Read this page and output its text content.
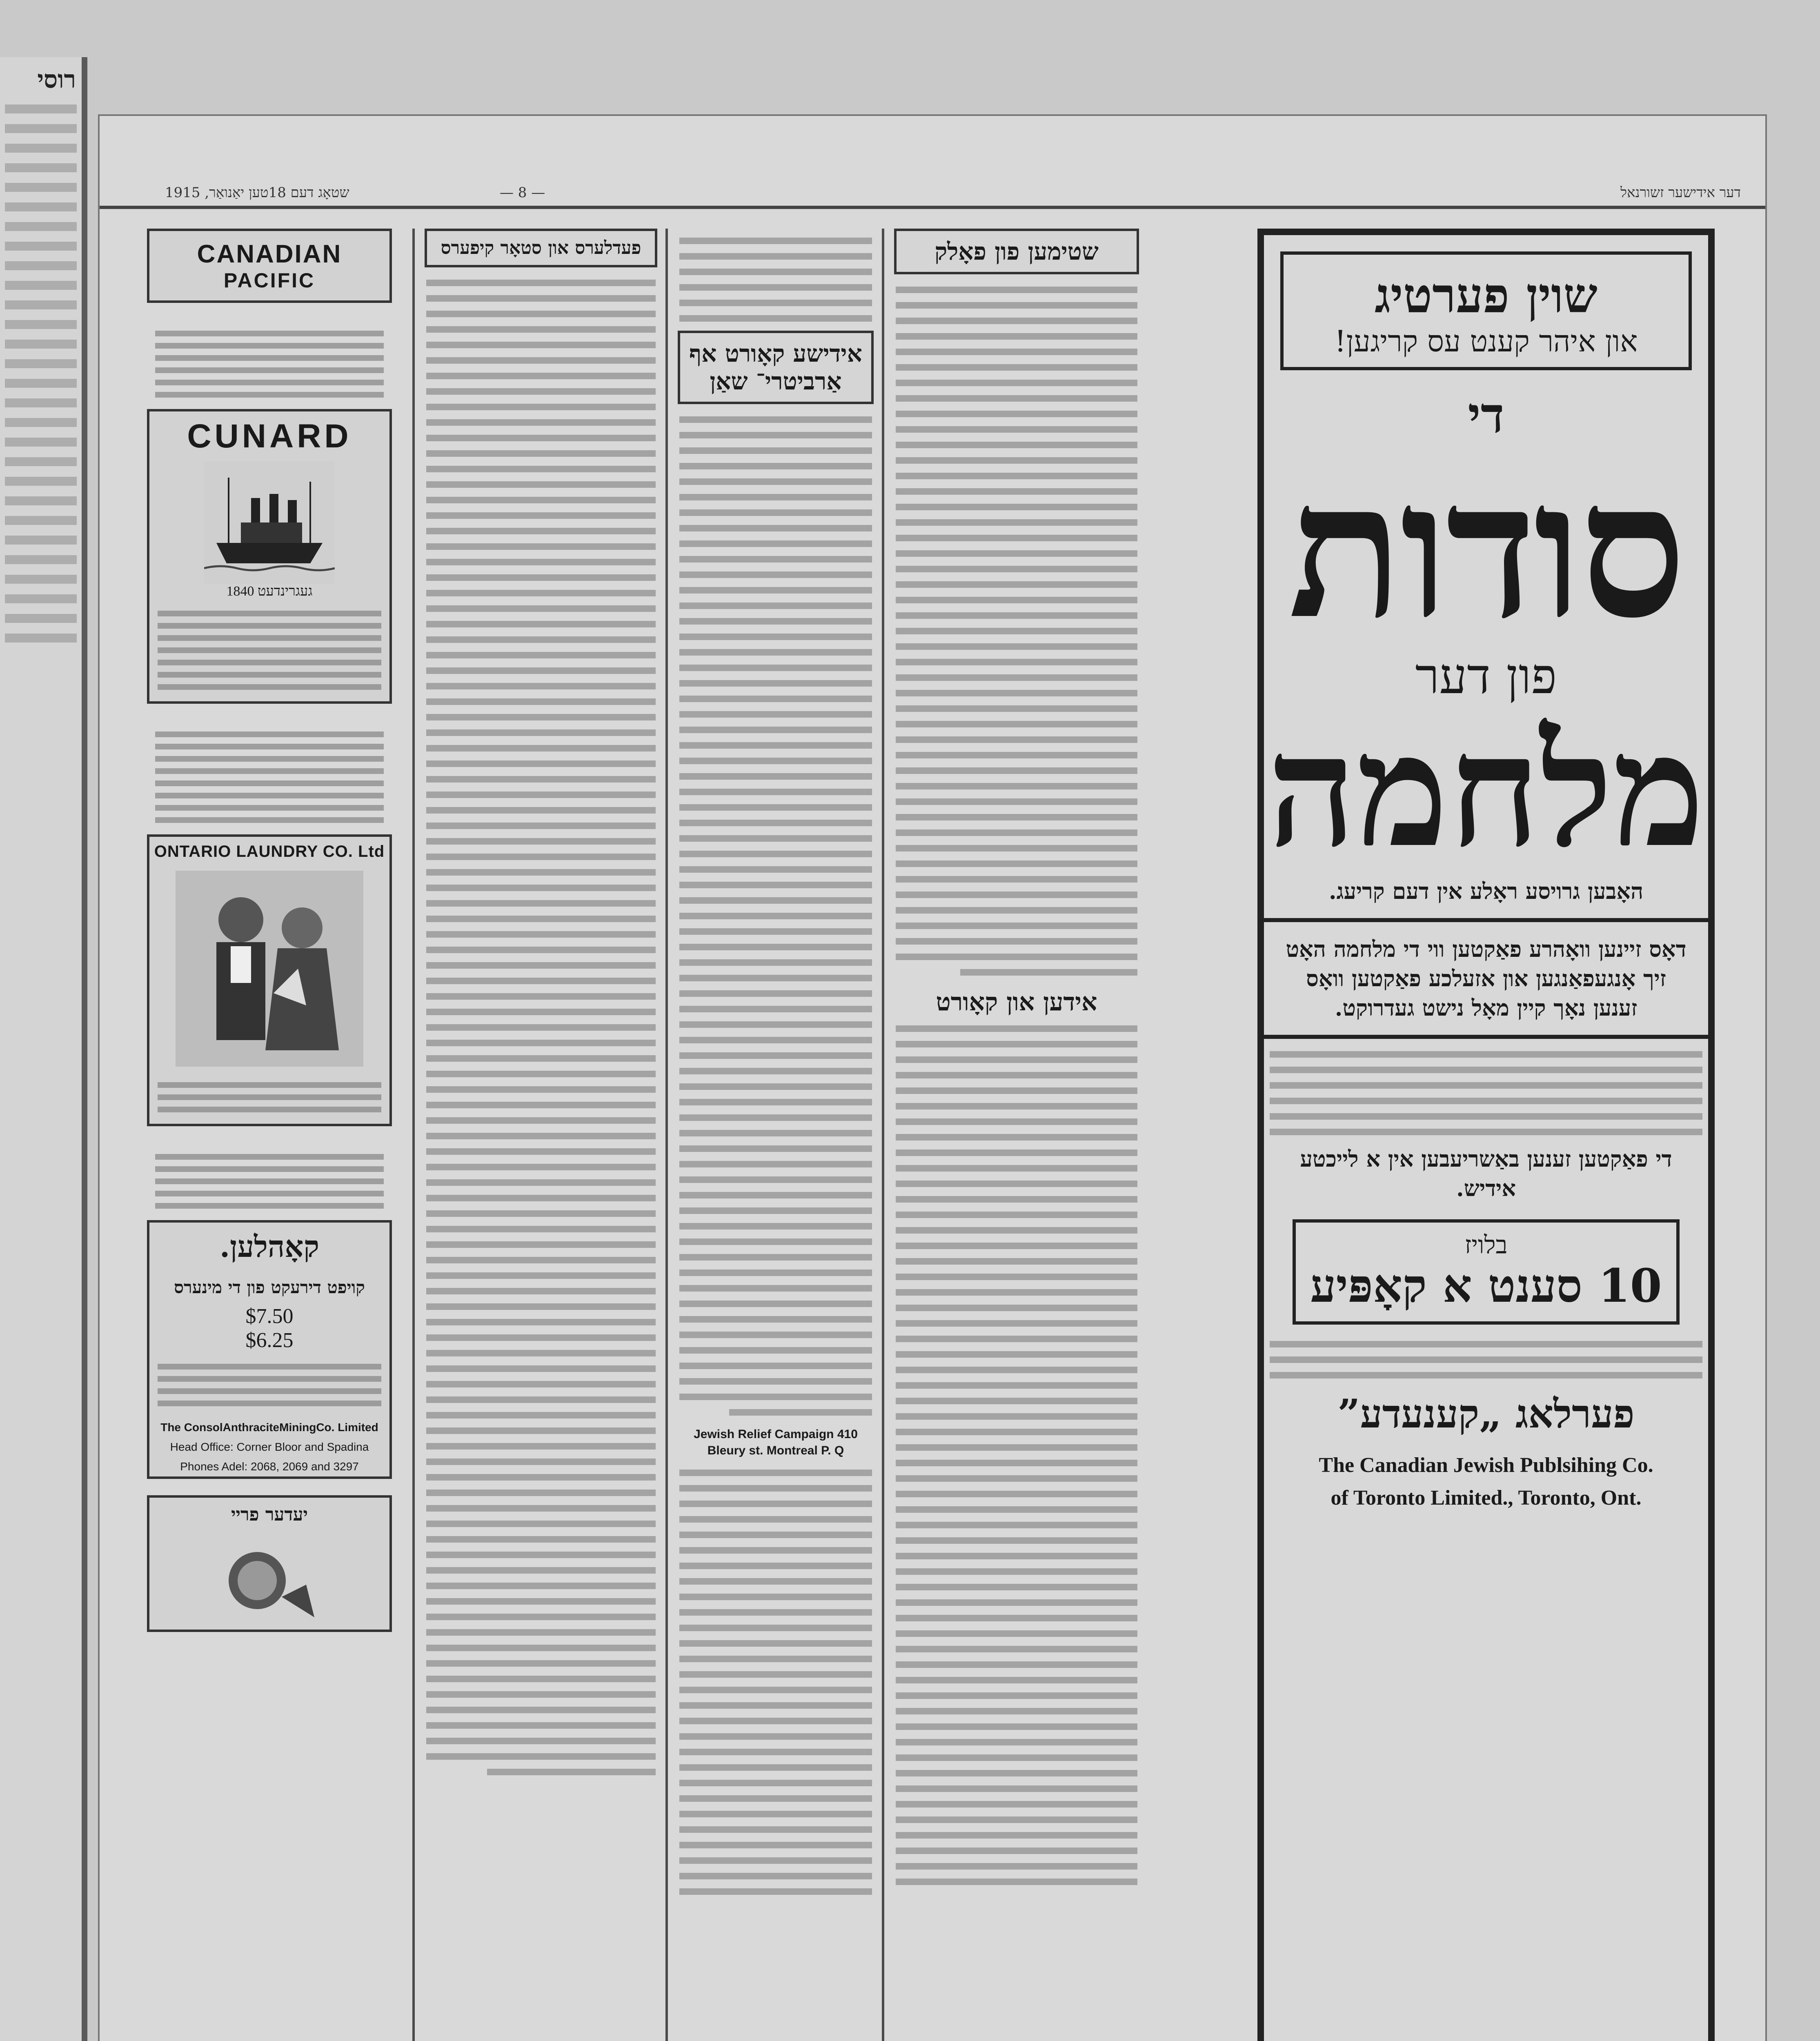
רוסי
1915 ,שטאָג דעם 18טען יאַנואַר	— 8 —	דער אידישער זשורנאל
CANADIAN
PACIFIC
CUNARD
געגרינדעט 1840
ONTARIO LAUNDRY CO. Ltd
קאָהלען.
קויפט דירעקט פון די מינערס
$7.50
$6.25
The ConsolAnthraciteMiningCo. Limited
Head Office: Corner Bloor and Spadina
Phones Adel: 2068, 2069 and 3297
יעדער פריי
פעדלערס און סטאָר קיפערס
אידישע קאָורט אף אַרביטרי־ שאַן
Jewish Relief Campaign 410 Bleury st. Montreal P. Q
שטימען פון פאָלק
אידען און קאָורט
שוין פערטיג
און איהר קענט עס קריגען!
די
סודות
פון דער
מלחמה
האָבען גרויסע ראָלע אין דעם קריעג.
דאָס זיינען וואָהרע פאַקטען ווי די מלחמה האָט זיך אָנגעפאַנגען און אזעלכע פאַקטען וואָס זענען נאָך קיין מאָל נישט געדרוקט.
די פאַקטען זענען באַשריעבען אין א לייכטע אידיש.
בלויז
10 סענט א קאָפּיע
פערלאג „קענעדע”
The Canadian Jewish Publsihing Co.
of Toronto Limited., Toronto, Ont.
